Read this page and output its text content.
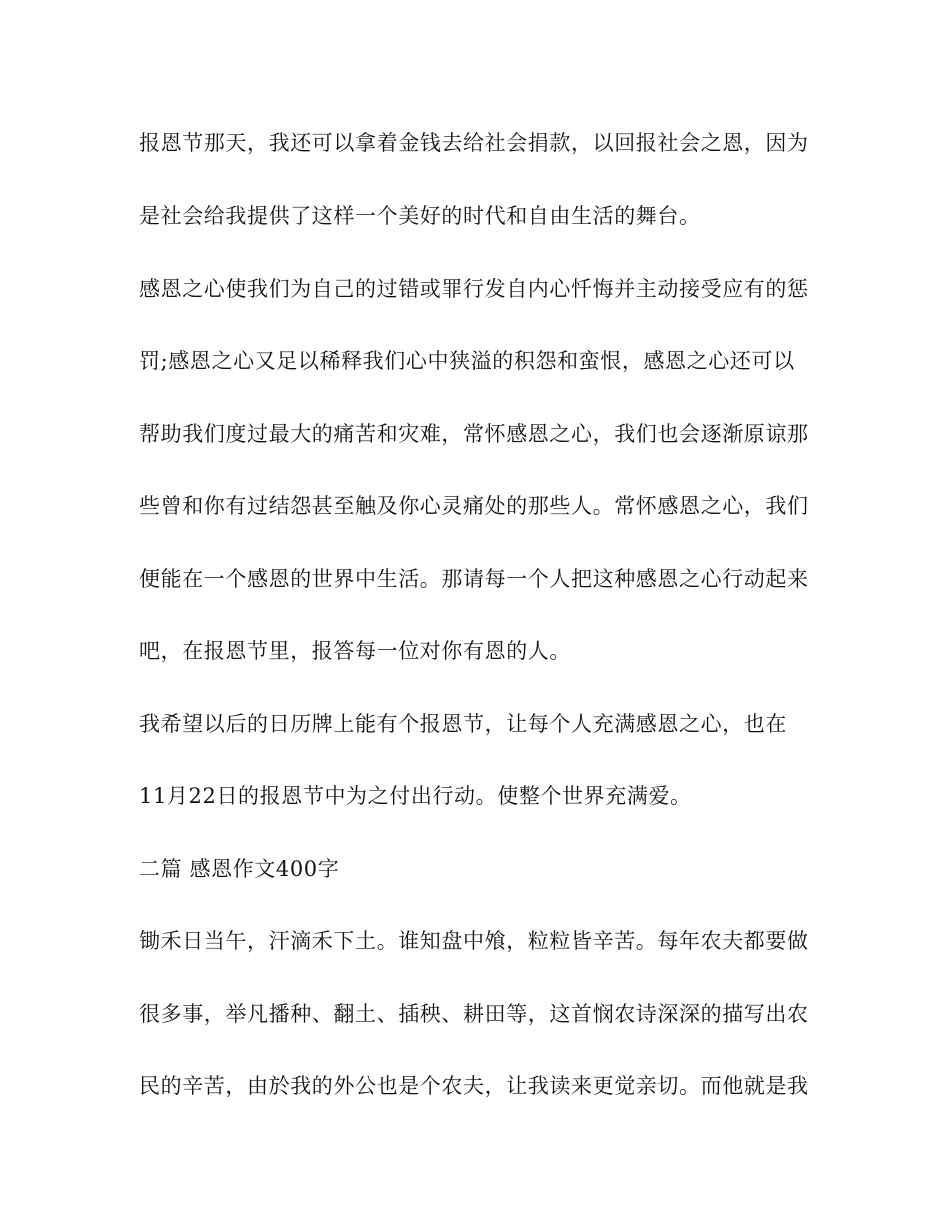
报恩节那天，我还可以拿着金钱去给社会捐款，以回报社会之恩，因为
是社会给我提供了这样一个美好的时代和自由生活的舞台。
感恩之心使我们为自己的过错或罪行发自内心忏悔并主动接受应有的惩
罚;感恩之心又足以稀释我们心中狭溢的积怨和蛮恨，感恩之心还可以
帮助我们度过最大的痛苦和灾难，常怀感恩之心，我们也会逐渐原谅那
些曾和你有过结怨甚至触及你心灵痛处的那些人。常怀感恩之心，我们
便能在一个感恩的世界中生活。那请每一个人把这种感恩之心行动起来
吧，在报恩节里，报答每一位对你有恩的人。
我希望以后的日历牌上能有个报恩节，让每个人充满感恩之心，也在
11月22日的报恩节中为之付出行动。使整个世界充满爱。
二篇 感恩作文400字
锄禾日当午，汗滴禾下土。谁知盘中飧，粒粒皆辛苦。每年农夫都要做
很多事，举凡播种、翻土、插秧、耕田等，这首悯农诗深深的描写出农
民的辛苦，由於我的外公也是个农夫，让我读来更觉亲切。而他就是我
